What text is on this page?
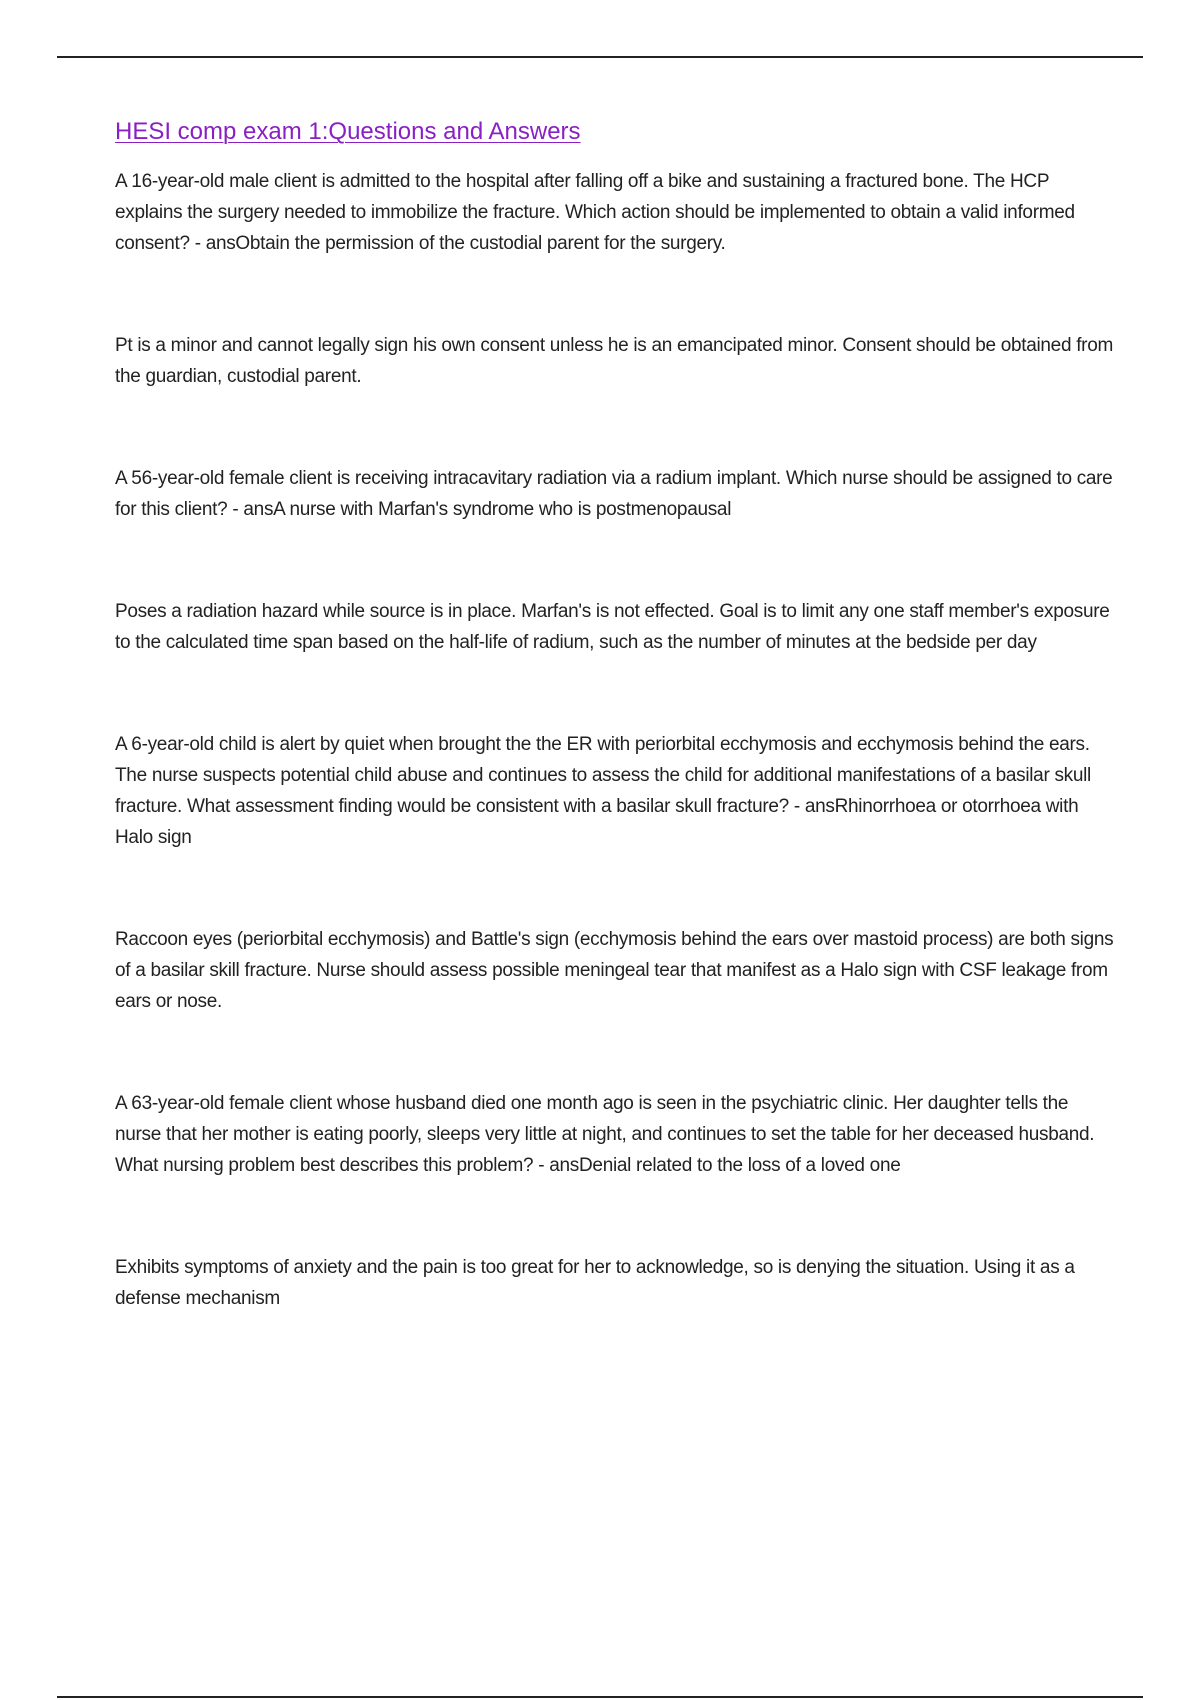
HESI comp exam 1:Questions and Answers

A 16-year-old male client is admitted to the hospital after falling off a bike and sustaining a fractured bone. The HCP explains the surgery needed to immobilize the fracture. Which action should be implemented to obtain a valid informed consent? - ansObtain the permission of the custodial parent for the surgery.

Pt is a minor and cannot legally sign his own consent unless he is an emancipated minor. Consent should be obtained from the guardian, custodial parent.

A 56-year-old female client is receiving intracavitary radiation via a radium implant. Which nurse should be assigned to care for this client? - ansA nurse with Marfan's syndrome who is postmenopausal

Poses a radiation hazard while source is in place. Marfan's is not effected. Goal is to limit any one staff member's exposure to the calculated time span based on the half-life of radium, such as the number of minutes at the bedside per day

A 6-year-old child is alert by quiet when brought the the ER with periorbital ecchymosis and ecchymosis behind the ears. The nurse suspects potential child abuse and continues to assess the child for additional manifestations of a basilar skull fracture. What assessment finding would be consistent with a basilar skull fracture? - ansRhinorrhoea or otorrhoea with Halo sign

Raccoon eyes (periorbital ecchymosis) and Battle's sign (ecchymosis behind the ears over mastoid process) are both signs of a basilar skill fracture. Nurse should assess possible meningeal tear that manifest as a Halo sign with CSF leakage from ears or nose.

A 63-year-old female client whose husband died one month ago is seen in the psychiatric clinic. Her daughter tells the nurse that her mother is eating poorly, sleeps very little at night, and continues to set the table for her deceased husband. What nursing problem best describes this problem? - ansDenial related to the loss of a loved one

Exhibits symptoms of anxiety and the pain is too great for her to acknowledge, so is denying the situation. Using it as a defense mechanism
